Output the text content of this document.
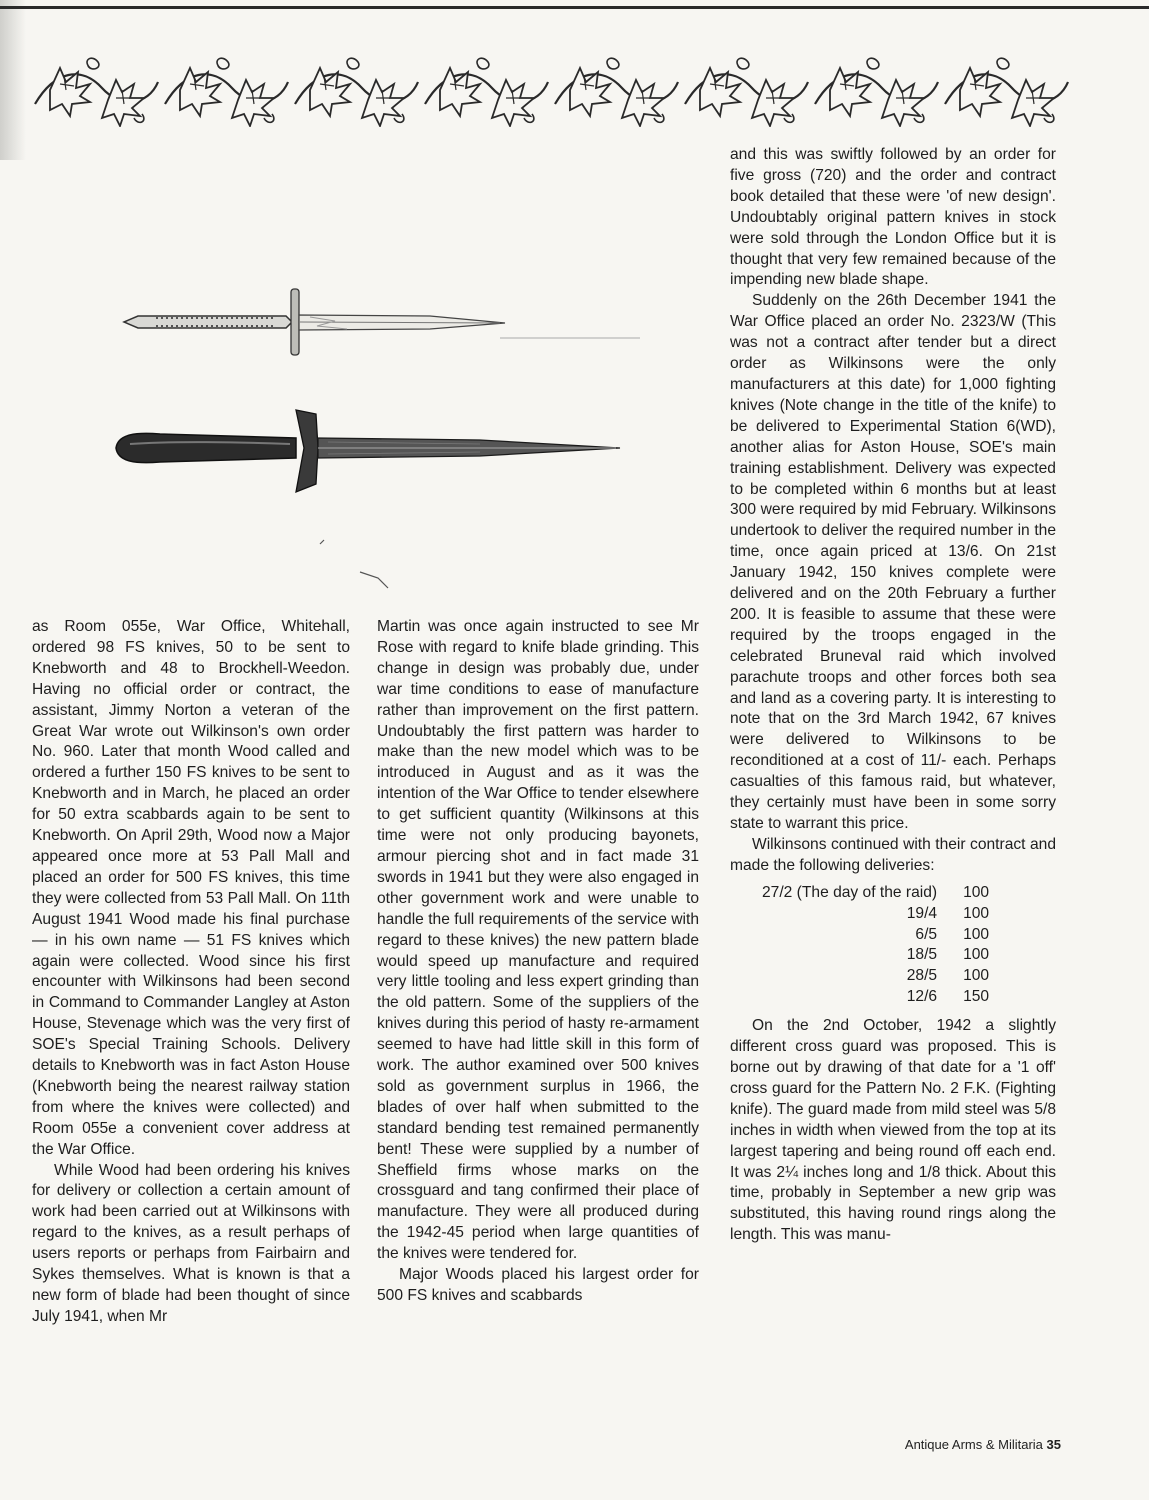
as Room 055e, War Office, Whitehall, ordered 98 FS knives, 50 to be sent to Knebworth and 48 to Brockhell-Weedon. Having no official order or contract, the assistant, Jimmy Norton a veteran of the Great War wrote out Wilkinson's own order No. 960. Later that month Wood called and ordered a further 150 FS knives to be sent to Knebworth and in March, he placed an order for 50 extra scabbards again to be sent to Knebworth. On April 29th, Wood now a Major appeared once more at 53 Pall Mall and placed an order for 500 FS knives, this time they were collected from 53 Pall Mall. On 11th August 1941 Wood made his final purchase — in his own name — 51 FS knives which again were collected. Wood since his first encounter with Wilkinsons had been second in Command to Commander Langley at Aston House, Stevenage which was the very first of SOE's Special Training Schools. Delivery details to Knebworth was in fact Aston House (Knebworth being the nearest railway station from where the knives were collected) and Room 055e a convenient cover address at the War Office.

While Wood had been ordering his knives for delivery or collection a certain amount of work had been carried out at Wilkinsons with regard to the knives, as a result perhaps of users reports or perhaps from Fairbairn and Sykes themselves. What is known is that a new form of blade had been thought of since July 1941, when Mr

Martin was once again instructed to see Mr Rose with regard to knife blade grinding. This change in design was probably due, under war time conditions to ease of manufacture rather than improvement on the first pattern. Undoubtably the first pattern was harder to make than the new model which was to be introduced in August and as it was the intention of the War Office to tender elsewhere to get sufficient quantity (Wilkinsons at this time were not only producing bayonets, armour piercing shot and in fact made 31 swords in 1941 but they were also engaged in other government work and were unable to handle the full requirements of the service with regard to these knives) the new pattern blade would speed up manufacture and required very little tooling and less expert grinding than the old pattern. Some of the suppliers of the knives during this period of hasty re-armament seemed to have had little skill in this form of work. The author examined over 500 knives sold as government surplus in 1966, the blades of over half when submitted to the standard bending test remained permanently bent! These were supplied by a number of Sheffield firms whose marks on the crossguard and tang confirmed their place of manufacture. They were all produced during the 1942-45 period when large quantities of the knives were tendered for.

Major Woods placed his largest order for 500 FS knives and scabbards

and this was swiftly followed by an order for five gross (720) and the order and contract book detailed that these were 'of new design'. Undoubtably original pattern knives in stock were sold through the London Office but it is thought that very few remained because of the impending new blade shape.

Suddenly on the 26th December 1941 the War Office placed an order No. 2323/W (This was not a contract after tender but a direct order as Wilkinsons were the only manufacturers at this date) for 1,000 fighting knives (Note change in the title of the knife) to be delivered to Experimental Station 6(WD), another alias for Aston House, SOE's main training establishment. Delivery was expected to be completed within 6 months but at least 300 were required by mid February. Wilkinsons undertook to deliver the required number in the time, once again priced at 13/6. On 21st January 1942, 150 knives complete were delivered and on the 20th February a further 200. It is feasible to assume that these were required by the troops engaged in the celebrated Bruneval raid which involved parachute troops and other forces both sea and land as a covering party. It is interesting to note that on the 3rd March 1942, 67 knives were delivered to Wilkinsons to be reconditioned at a cost of 11/- each. Perhaps casualties of this famous raid, but whatever, they certainly must have been in some sorry state to warrant this price.

Wilkinsons continued with their contract and made the following deliveries:

27/2 (The day of the raid)	100
19/4	100
6/5	100
18/5	100
28/5	100
12/6	150

On the 2nd October, 1942 a slightly different cross guard was proposed. This is borne out by drawing of that date for a '1 off' cross guard for the Pattern No. 2 F.K. (Fighting knife). The guard made from mild steel was 5/8 inches in width when viewed from the top at its largest tapering and being round off each end. It was 2¼ inches long and 1/8 thick. About this time, probably in September a new grip was substituted, this having round rings along the length. This was manu-

Antique Arms & Militaria 35
